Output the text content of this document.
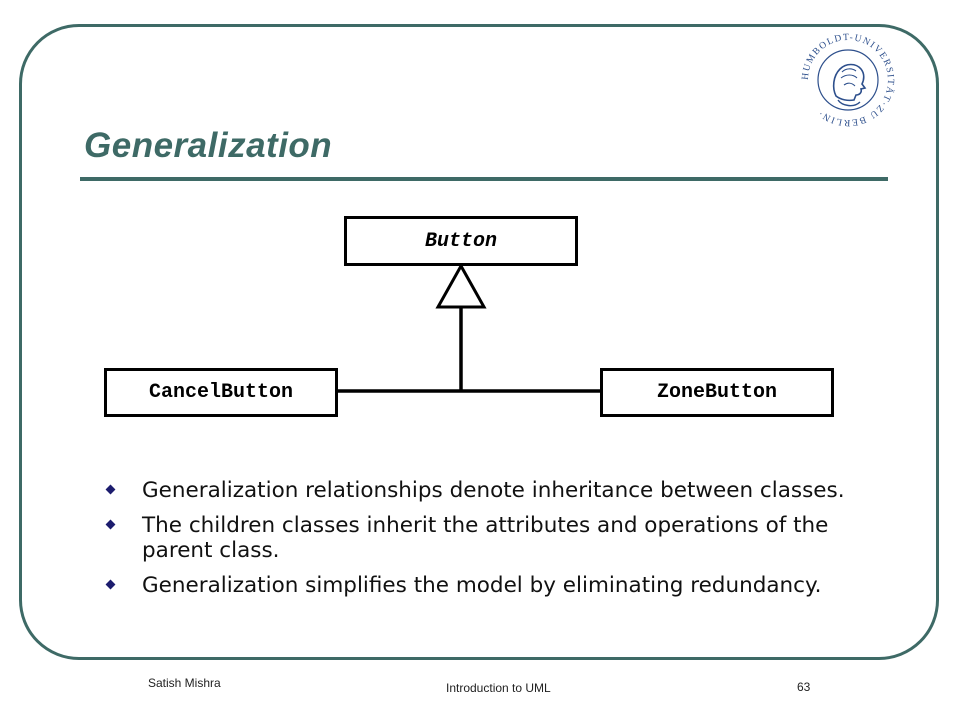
HUMBOLDT-UNIVERSITÄT·ZU BERLIN·
Generalization
Button
CancelButton	ZoneButton
Generalization relationships denote inheritance between classes.
The children classes inherit the attributes and operations of the parent class.
Generalization simplifies the model by eliminating redundancy.
Satish Mishra	Introduction to UML	63
